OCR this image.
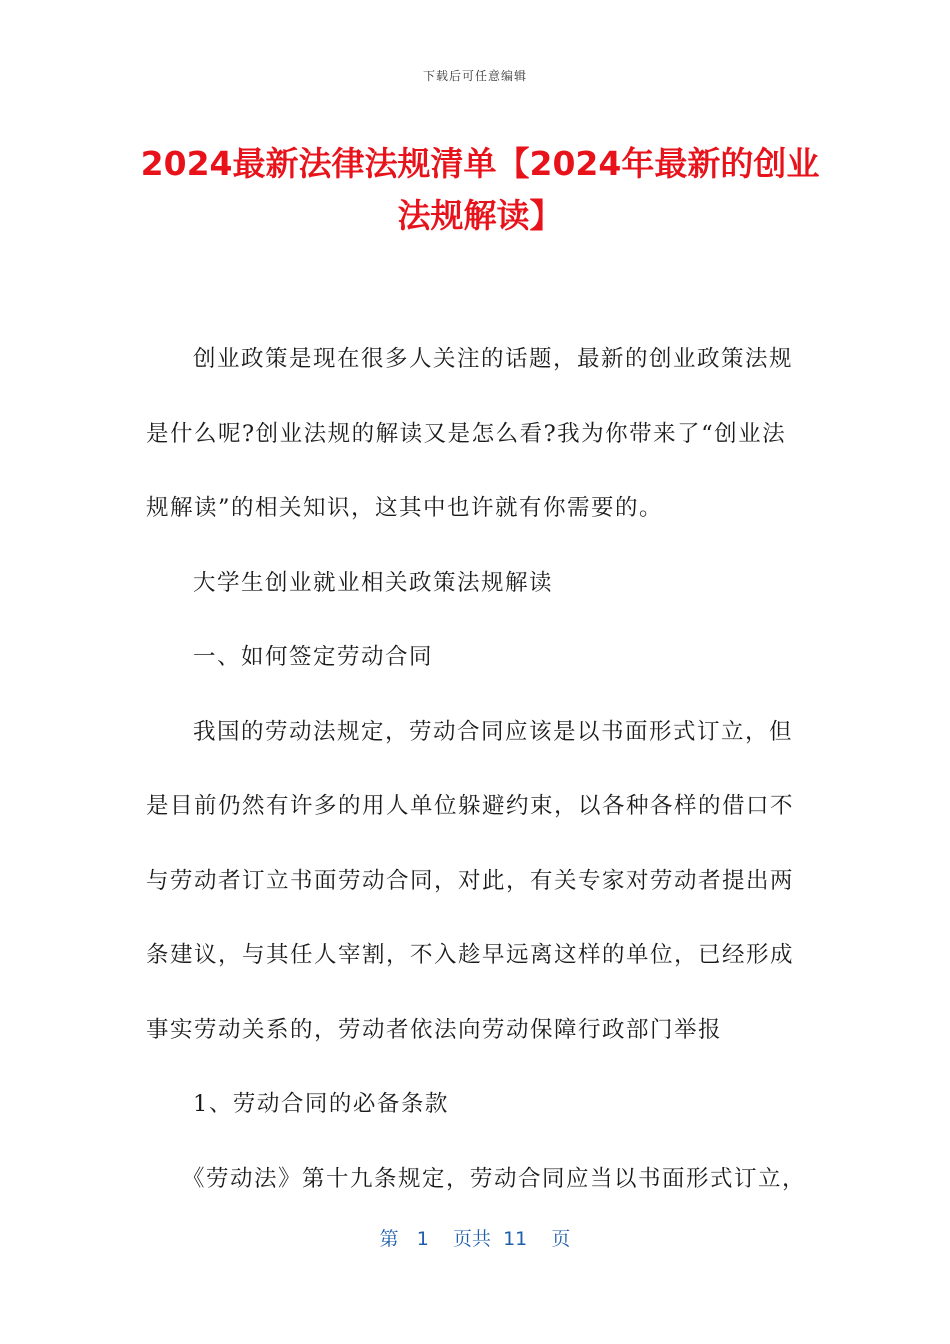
下载后可任意编辑
2024最新法律法规清单【2024年最新的创业法规解读】

创业政策是现在很多人关注的话题，最新的创业政策法规是什么呢?创业法规的解读又是怎么看?我为你带来了“创业法规解读”的相关知识，这其中也许就有你需要的。

大学生创业就业相关政策法规解读

一、如何签定劳动合同

我国的劳动法规定，劳动合同应该是以书面形式订立，但是目前仍然有许多的用人单位躲避约束，以各种各样的借口不与劳动者订立书面劳动合同，对此，有关专家对劳动者提出两条建议，与其任人宰割，不入趁早远离这样的单位，已经形成事实劳动关系的，劳动者依法向劳动保障行政部门举报

1、劳动合同的必备条款

《劳动法》第十九条规定，劳动合同应当以书面形式订立，

第 1 页共 11 页
